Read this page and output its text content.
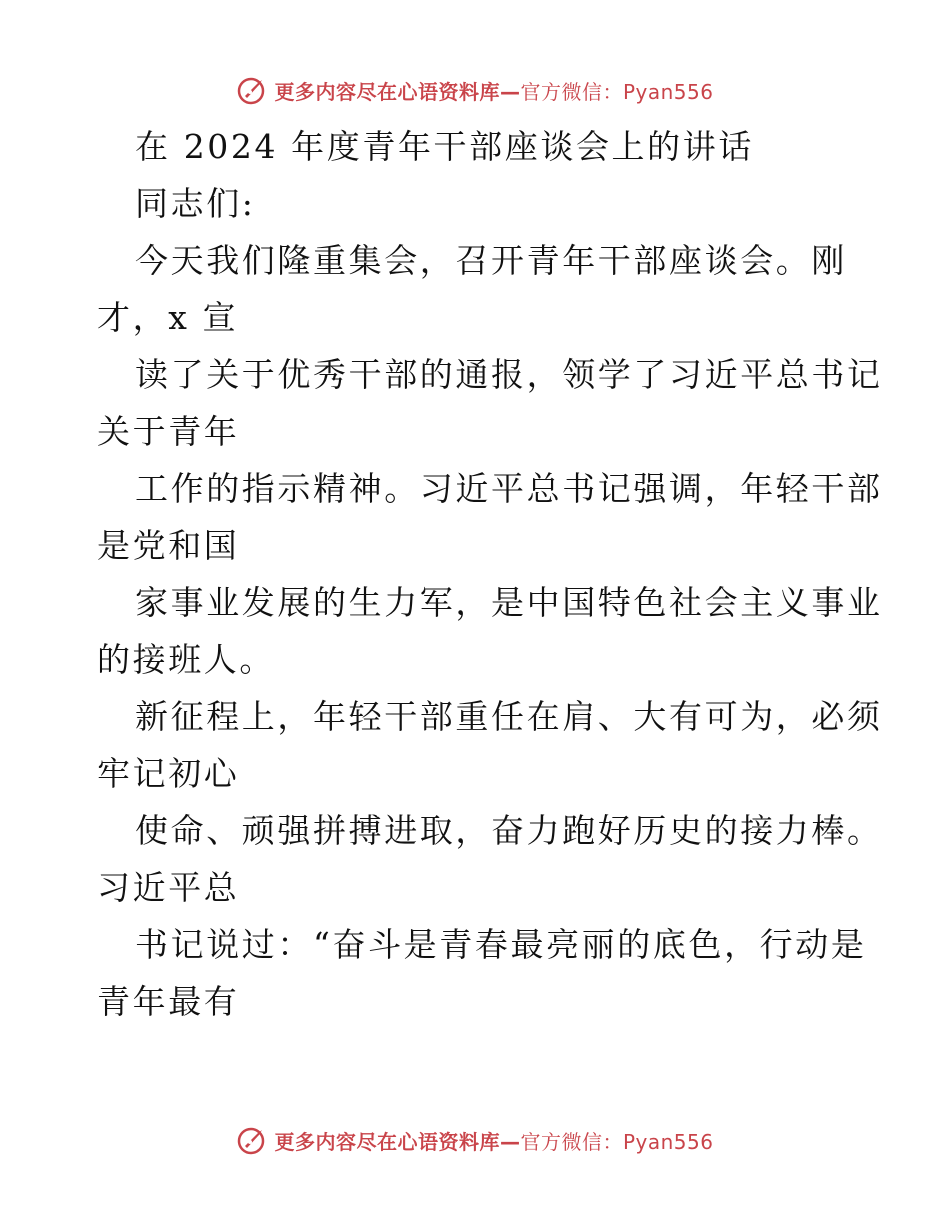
更多内容尽在心语资料库—官方微信：Pyan556
在 2024 年度青年干部座谈会上的讲话
同志们:
今天我们隆重集会，召开青年干部座谈会。刚
才，x 宣
读了关于优秀干部的通报，领学了习近平总书记
关于青年
工作的指示精神。习近平总书记强调，年轻干部
是党和国
家事业发展的生力军，是中国特色社会主义事业
的接班人。
新征程上，年轻干部重任在肩、大有可为，必须
牢记初心
使命、顽强拼搏进取，奋力跑好历史的接力棒。
习近平总
书记说过：“奋斗是青春最亮丽的底色，行动是
青年最有
更多内容尽在心语资料库—官方微信：Pyan556
